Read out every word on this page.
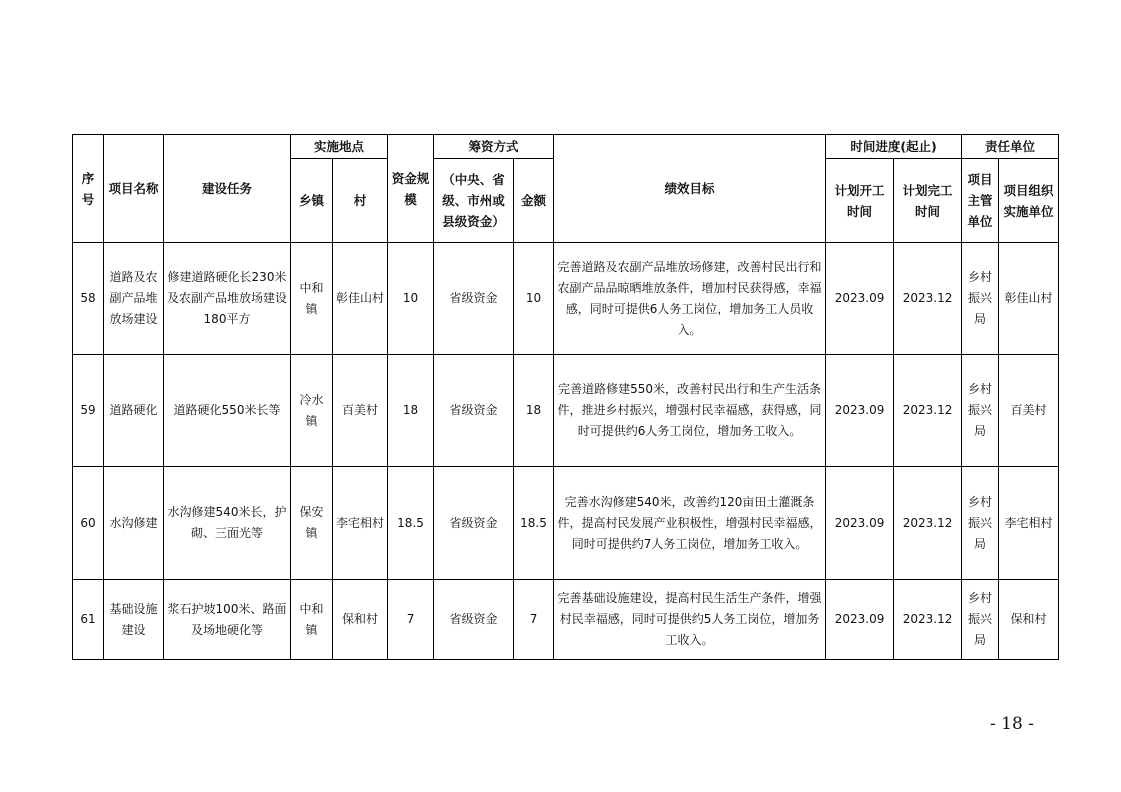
序号	项目名称	建设任务	实施地点		资金规模	筹资方式		绩效目标	时间进度(起止)		责任单位	
			乡镇	村		（中央、省级、市州或县级资金）	金额		计划开工时间	计划完工时间	项目主管单位	项目组织实施单位
58	道路及农副产品堆放场建设	修建道路硬化长230米及农副产品堆放场建设180平方	中和镇	彰佳山村	10	省级资金	10	完善道路及农副产品堆放场修建，改善村民出行和农副产品品晾晒堆放条件，增加村民获得感，幸福感，同时可提供6人务工岗位，增加务工人员收入。	2023.09	2023.12	乡村振兴局	彰佳山村
59	道路硬化	道路硬化550米长等	冷水镇	百美村	18	省级资金	18	完善道路修建550米，改善村民出行和生产生活条件，推进乡村振兴，增强村民幸福感，获得感，同时可提供约6人务工岗位，增加务工收入。	2023.09	2023.12	乡村振兴局	百美村
60	水沟修建	水沟修建540米长，护砌、三面光等	保安镇	李宅相村	18.5	省级资金	18.5	完善水沟修建540米，改善约120亩田土灌溉条件，提高村民发展产业积极性，增强村民幸福感，同时可提供约7人务工岗位，增加务工收入。	2023.09	2023.12	乡村振兴局	李宅相村
61	基础设施建设	浆石护坡100米、路面及场地硬化等	中和镇	保和村	7	省级资金	7	完善基础设施建设，提高村民生活生产条件，增强村民幸福感，同时可提供约5人务工岗位，增加务工收入。	2023.09	2023.12	乡村振兴局	保和村
- 18 -
